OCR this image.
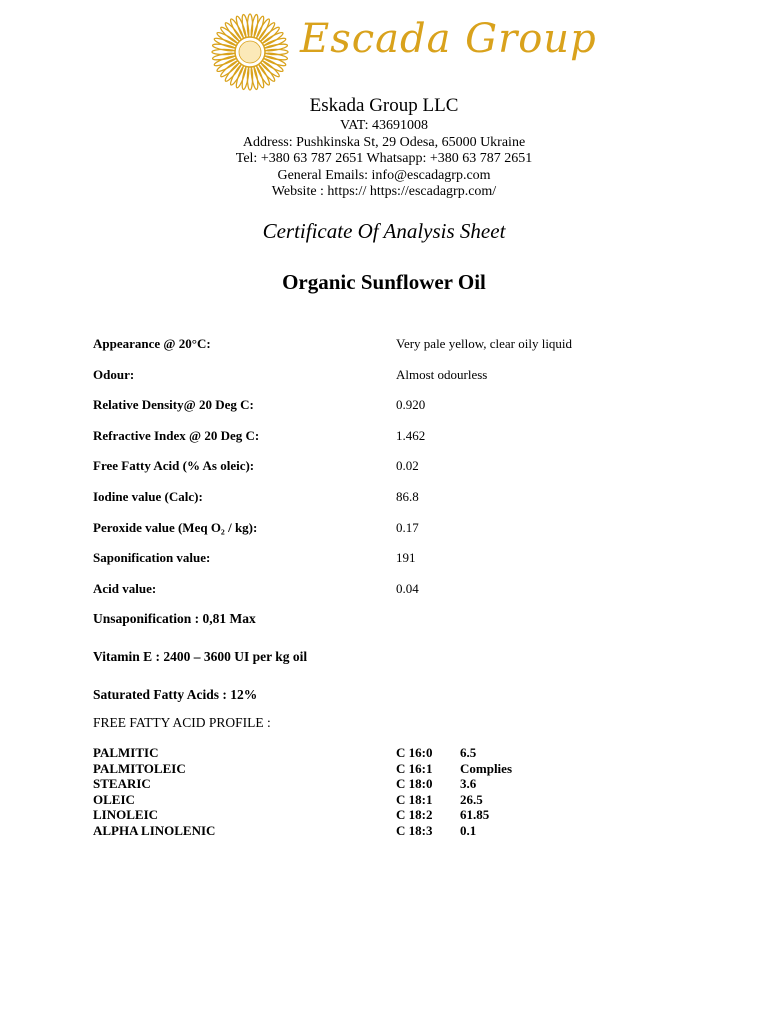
Escada Group
Eskada Group LLC
VAT: 43691008
Address: Pushkinska St, 29 Odesa, 65000 Ukraine
Tel: +380 63 787 2651 Whatsapp: +380 63 787 2651
General Emails: info@escadagrp.com
Website : https:// https://escadagrp.com/
Certificate Of Analysis Sheet
Organic Sunflower Oil
Appearance @ 20°C:	Very pale yellow, clear oily liquid
Odour:	Almost odourless
Relative Density@ 20 Deg C:	0.920
Refractive Index @ 20 Deg C:	1.462
Free Fatty Acid (% As oleic):	0.02
Iodine value (Calc):	86.8
Peroxide value (Meq O₂ / kg):	0.17
Saponification value:	191
Acid value:	0.04
Unsaponification : 0,81 Max
Vitamin E : 2400 – 3600 UI per kg oil
Saturated Fatty Acids : 12%
FREE FATTY ACID PROFILE :
PALMITIC	C 16:0 6.5
PALMITOLEIC	C 16:1 Complies
STEARIC	C 18:0 3.6
OLEIC	C 18:1 26.5
LINOLEIC	C 18:2 61.85
ALPHA LINOLENIC	C 18:3 0.1
